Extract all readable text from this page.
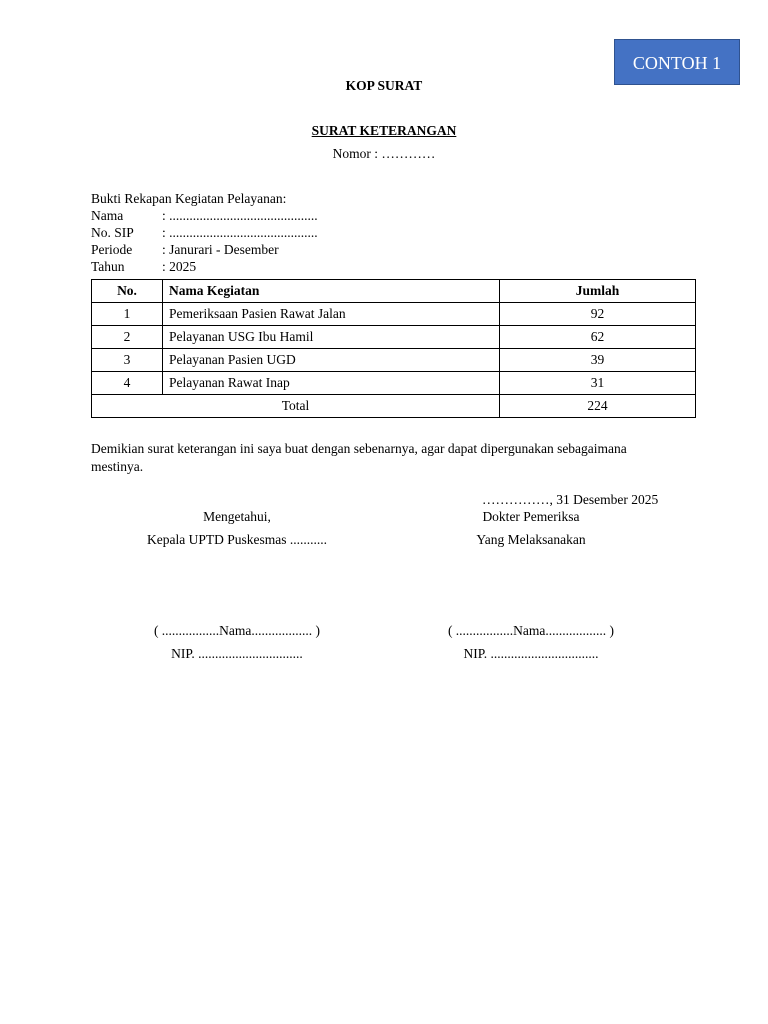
CONTOH 1
KOP SURAT
SURAT KETERANGAN
Nomor : …………
Bukti Rekapan Kegiatan Pelayanan:
Nama	: ............................................
No. SIP : ............................................
Periode : Janurari - Desember
Tahun	: 2025
No.	Nama Kegiatan	Jumlah
1	Pemeriksaan Pasien Rawat Jalan	92
2	Pelayanan USG Ibu Hamil	62
3	Pelayanan Pasien UGD	39
4	Pelayanan Rawat Inap	31
Total		224
Demikian surat keterangan ini saya buat dengan sebenarnya, agar dapat dipergunakan sebagaimana mestinya.
……………, 31 Desember 2025
Mengetahui,
Kepala UPTD Puskesmas ...........
( .................Nama.................. )
NIP. ...............................
Dokter Pemeriksa
Yang Melaksanakan
( .................Nama.................. )
NIP. ................................
